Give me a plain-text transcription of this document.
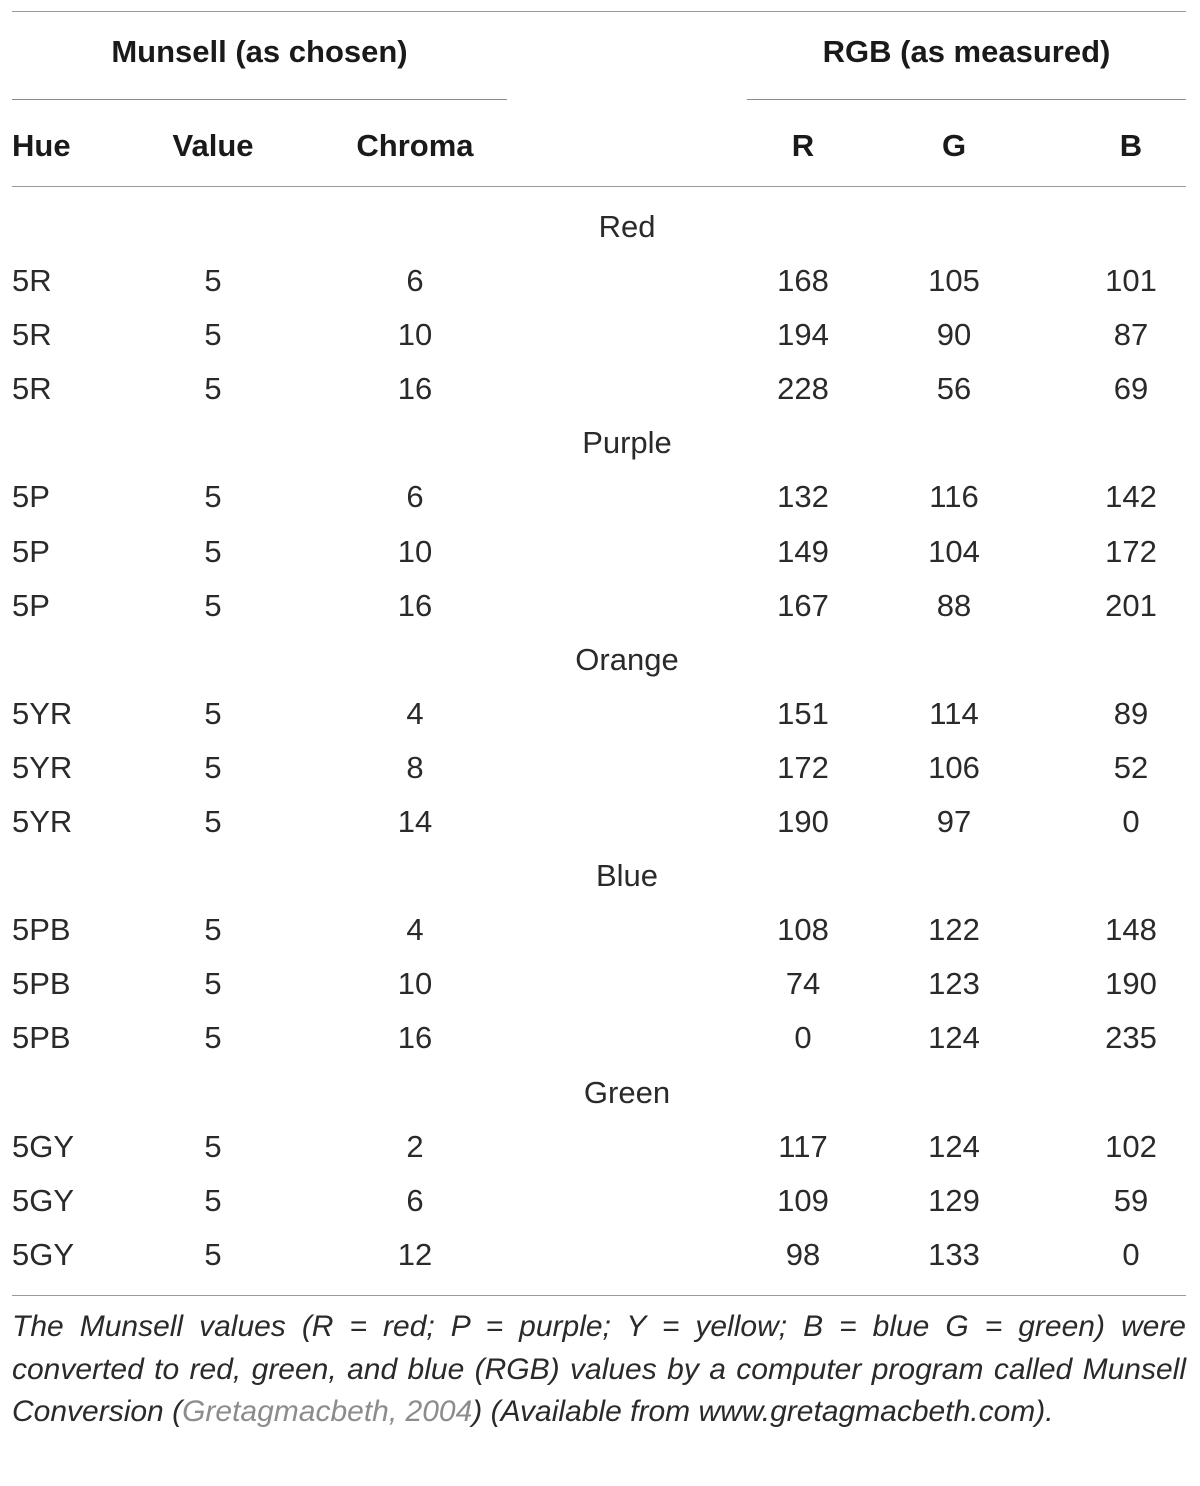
Munsell (as chosen)	RGB (as measured)
Hue	Value	Chroma	R	G	B
Red
5R	5	6	168	105	101
5R	5	10	194	90	87
5R	5	16	228	56	69
Purple
5P	5	6	132	116	142
5P	5	10	149	104	172
5P	5	16	167	88	201
Orange
5YR	5	4	151	114	89
5YR	5	8	172	106	52
5YR	5	14	190	97	0
Blue
5PB	5	4	108	122	148
5PB	5	10	74	123	190
5PB	5	16	0	124	235
Green
5GY	5	2	117	124	102
5GY	5	6	109	129	59
5GY	5	12	98	133	0
The Munsell values (R = red; P = purple; Y = yellow; B = blue G = green) were converted to red, green, and blue (RGB) values by a computer program called Munsell Conversion (Gretagmacbeth, 2004) (Available from www.gretagmacbeth.com).
